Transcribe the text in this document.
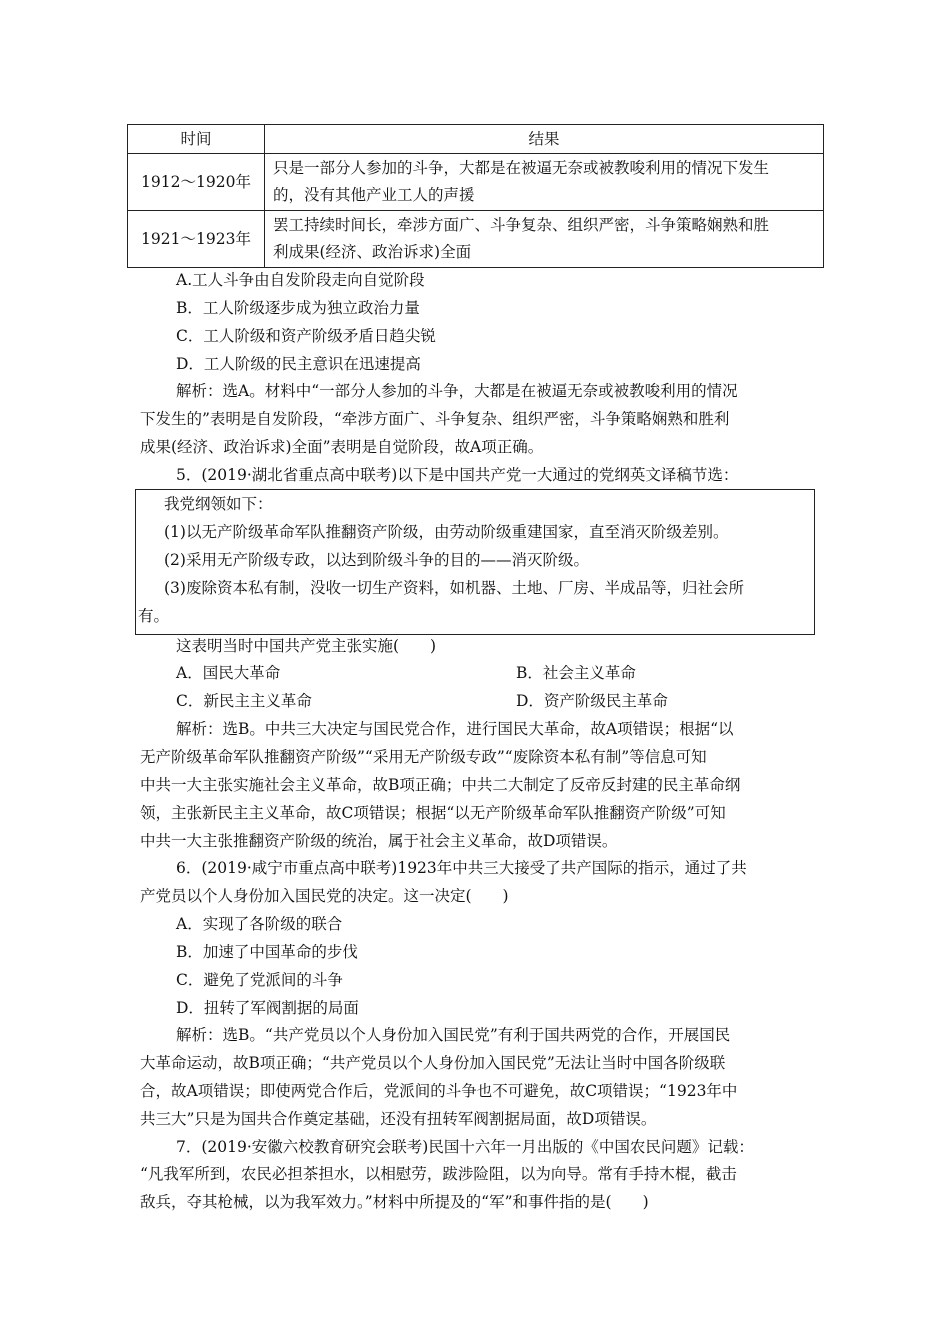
时间	结果
1912～1920年	只是一部分人参加的斗争，大都是在被逼无奈或被教唆利用的情况下发生
的，没有其他产业工人的声援

1921～1923年	罢工持续时间长，牵涉方面广、斗争复杂、组织严密，斗争策略娴熟和胜
利成果(经济、政治诉求)全面
A.工人斗争由自发阶段走向自觉阶段
B．工人阶级逐步成为独立政治力量
C．工人阶级和资产阶级矛盾日趋尖锐
D．工人阶级的民主意识在迅速提高
解析：选A。材料中“一部分人参加的斗争，大都是在被逼无奈或被教唆利用的情况
下发生的”表明是自发阶段，“牵涉方面广、斗争复杂、组织严密，斗争策略娴熟和胜利
成果(经济、政治诉求)全面”表明是自觉阶段，故A项正确。
5．(2019·湖北省重点高中联考)以下是中国共产党一大通过的党纲英文译稿节选：
我党纲领如下：
(1)以无产阶级革命军队推翻资产阶级，由劳动阶级重建国家，直至消灭阶级差别。
(2)采用无产阶级专政，以达到阶级斗争的目的——消灭阶级。
(3)废除资本私有制，没收一切生产资料，如机器、土地、厂房、半成品等，归社会所
有。
这表明当时中国共产党主张实施(　　)
A．国民大革命	B．社会主义革命
C．新民主主义革命	D．资产阶级民主革命
解析：选B。中共三大决定与国民党合作，进行国民大革命，故A项错误；根据“以
无产阶级革命军队推翻资产阶级”“采用无产阶级专政”“废除资本私有制”等信息可知
中共一大主张实施社会主义革命，故B项正确；中共二大制定了反帝反封建的民主革命纲
领，主张新民主主义革命，故C项错误；根据“以无产阶级革命军队推翻资产阶级”可知
中共一大主张推翻资产阶级的统治，属于社会主义革命，故D项错误。
6．(2019·咸宁市重点高中联考)1923年中共三大接受了共产国际的指示，通过了共
产党员以个人身份加入国民党的决定。这一决定(　　)
A．实现了各阶级的联合
B．加速了中国革命的步伐
C．避免了党派间的斗争
D．扭转了军阀割据的局面
解析：选B。“共产党员以个人身份加入国民党”有利于国共两党的合作，开展国民
大革命运动，故B项正确；“共产党员以个人身份加入国民党”无法让当时中国各阶级联
合，故A项错误；即使两党合作后，党派间的斗争也不可避免，故C项错误；“1923年中
共三大”只是为国共合作奠定基础，还没有扭转军阀割据局面，故D项错误。
7．(2019·安徽六校教育研究会联考)民国十六年一月出版的《中国农民问题》记载：
“凡我军所到，农民必担茶担水，以相慰劳，跋涉险阻，以为向导。常有手持木棍，截击
敌兵，夺其枪械，以为我军效力。”材料中所提及的“军”和事件指的是(　　)
